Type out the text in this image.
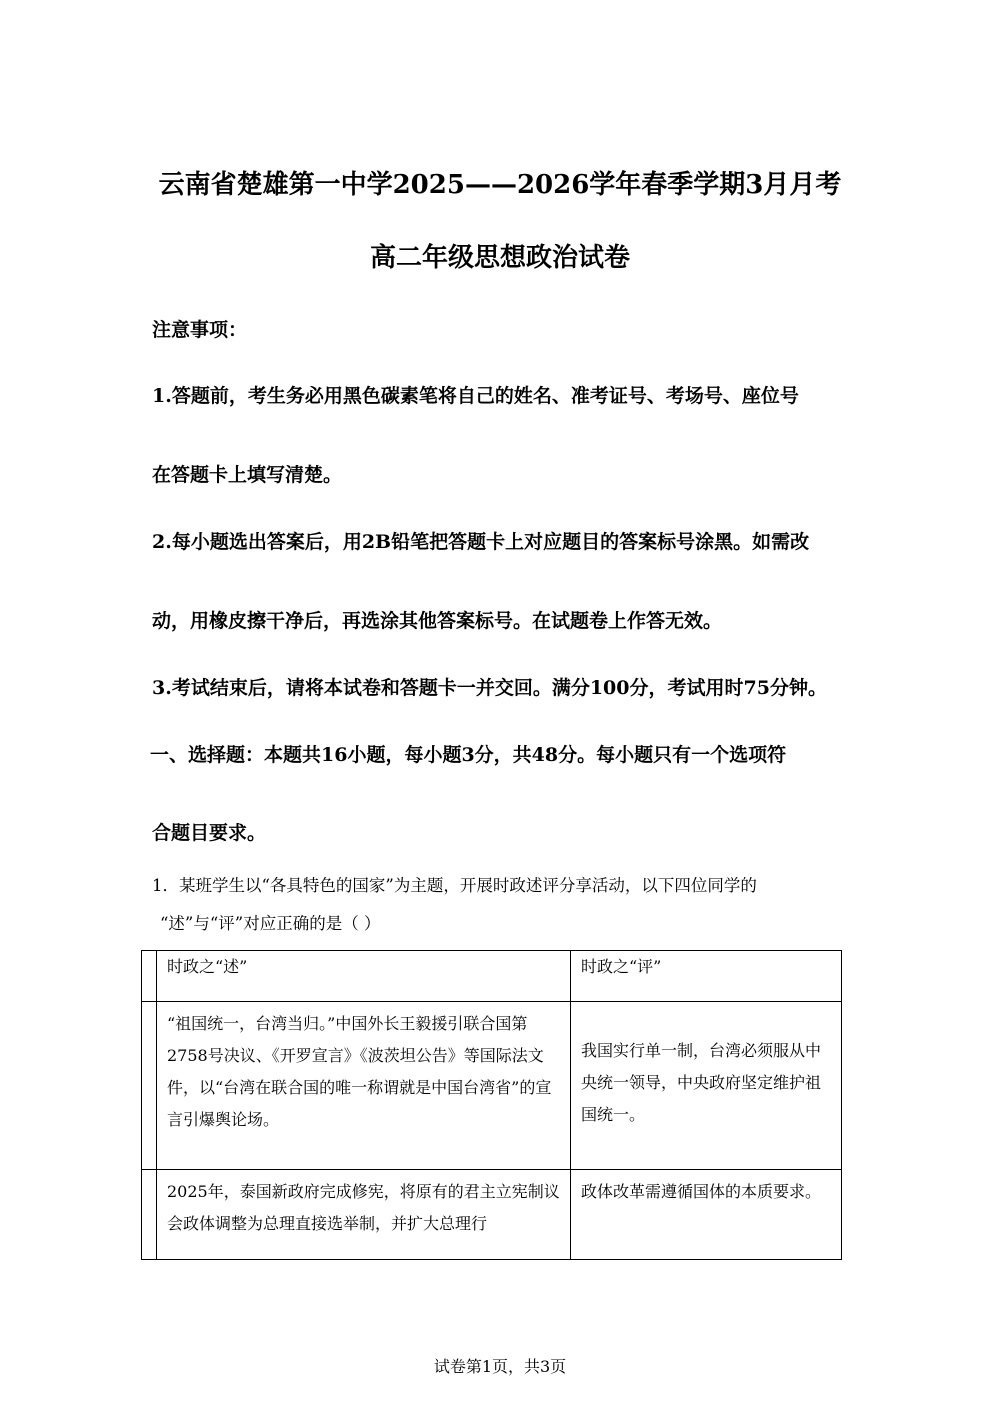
云南省楚雄第一中学2025——2026学年春季学期3月月考
高二年级思想政治试卷
注意事项：
1.答题前，考生务必用黑色碳素笔将自己的姓名、准考证号、考场号、座位号
在答题卡上填写清楚。
2.每小题选出答案后，用2B铅笔把答题卡上对应题目的答案标号涂黑。如需改
动，用橡皮擦干净后，再选涂其他答案标号。在试题卷上作答无效。
3.考试结束后，请将本试卷和答题卡一并交回。满分100分，考试用时75分钟。
一、选择题：本题共16小题，每小题3分，共48分。每小题只有一个选项符
合题目要求。
1．某班学生以“各具特色的国家”为主题，开展时政述评分享活动，以下四位同学的
“述”与“评”对应正确的是（ ）
	时政之“述”	时政之“评”

	“祖国统一，台湾当归。”中国外长王毅援引联合国第2758号决议、《开罗宣言》《波茨坦公告》等国际法文件，以“台湾在联合国的唯一称谓就是中国台湾省”的宣言引爆舆论场。	我国实行单一制，台湾必须服从中央统一领导，中央政府坚定维护祖国统一。

	2025年，泰国新政府完成修宪，将原有的君主立宪制议会政体调整为总理直接选举制，并扩大总理行	政体改革需遵循国体的本质要求。
试卷第1页，共3页
